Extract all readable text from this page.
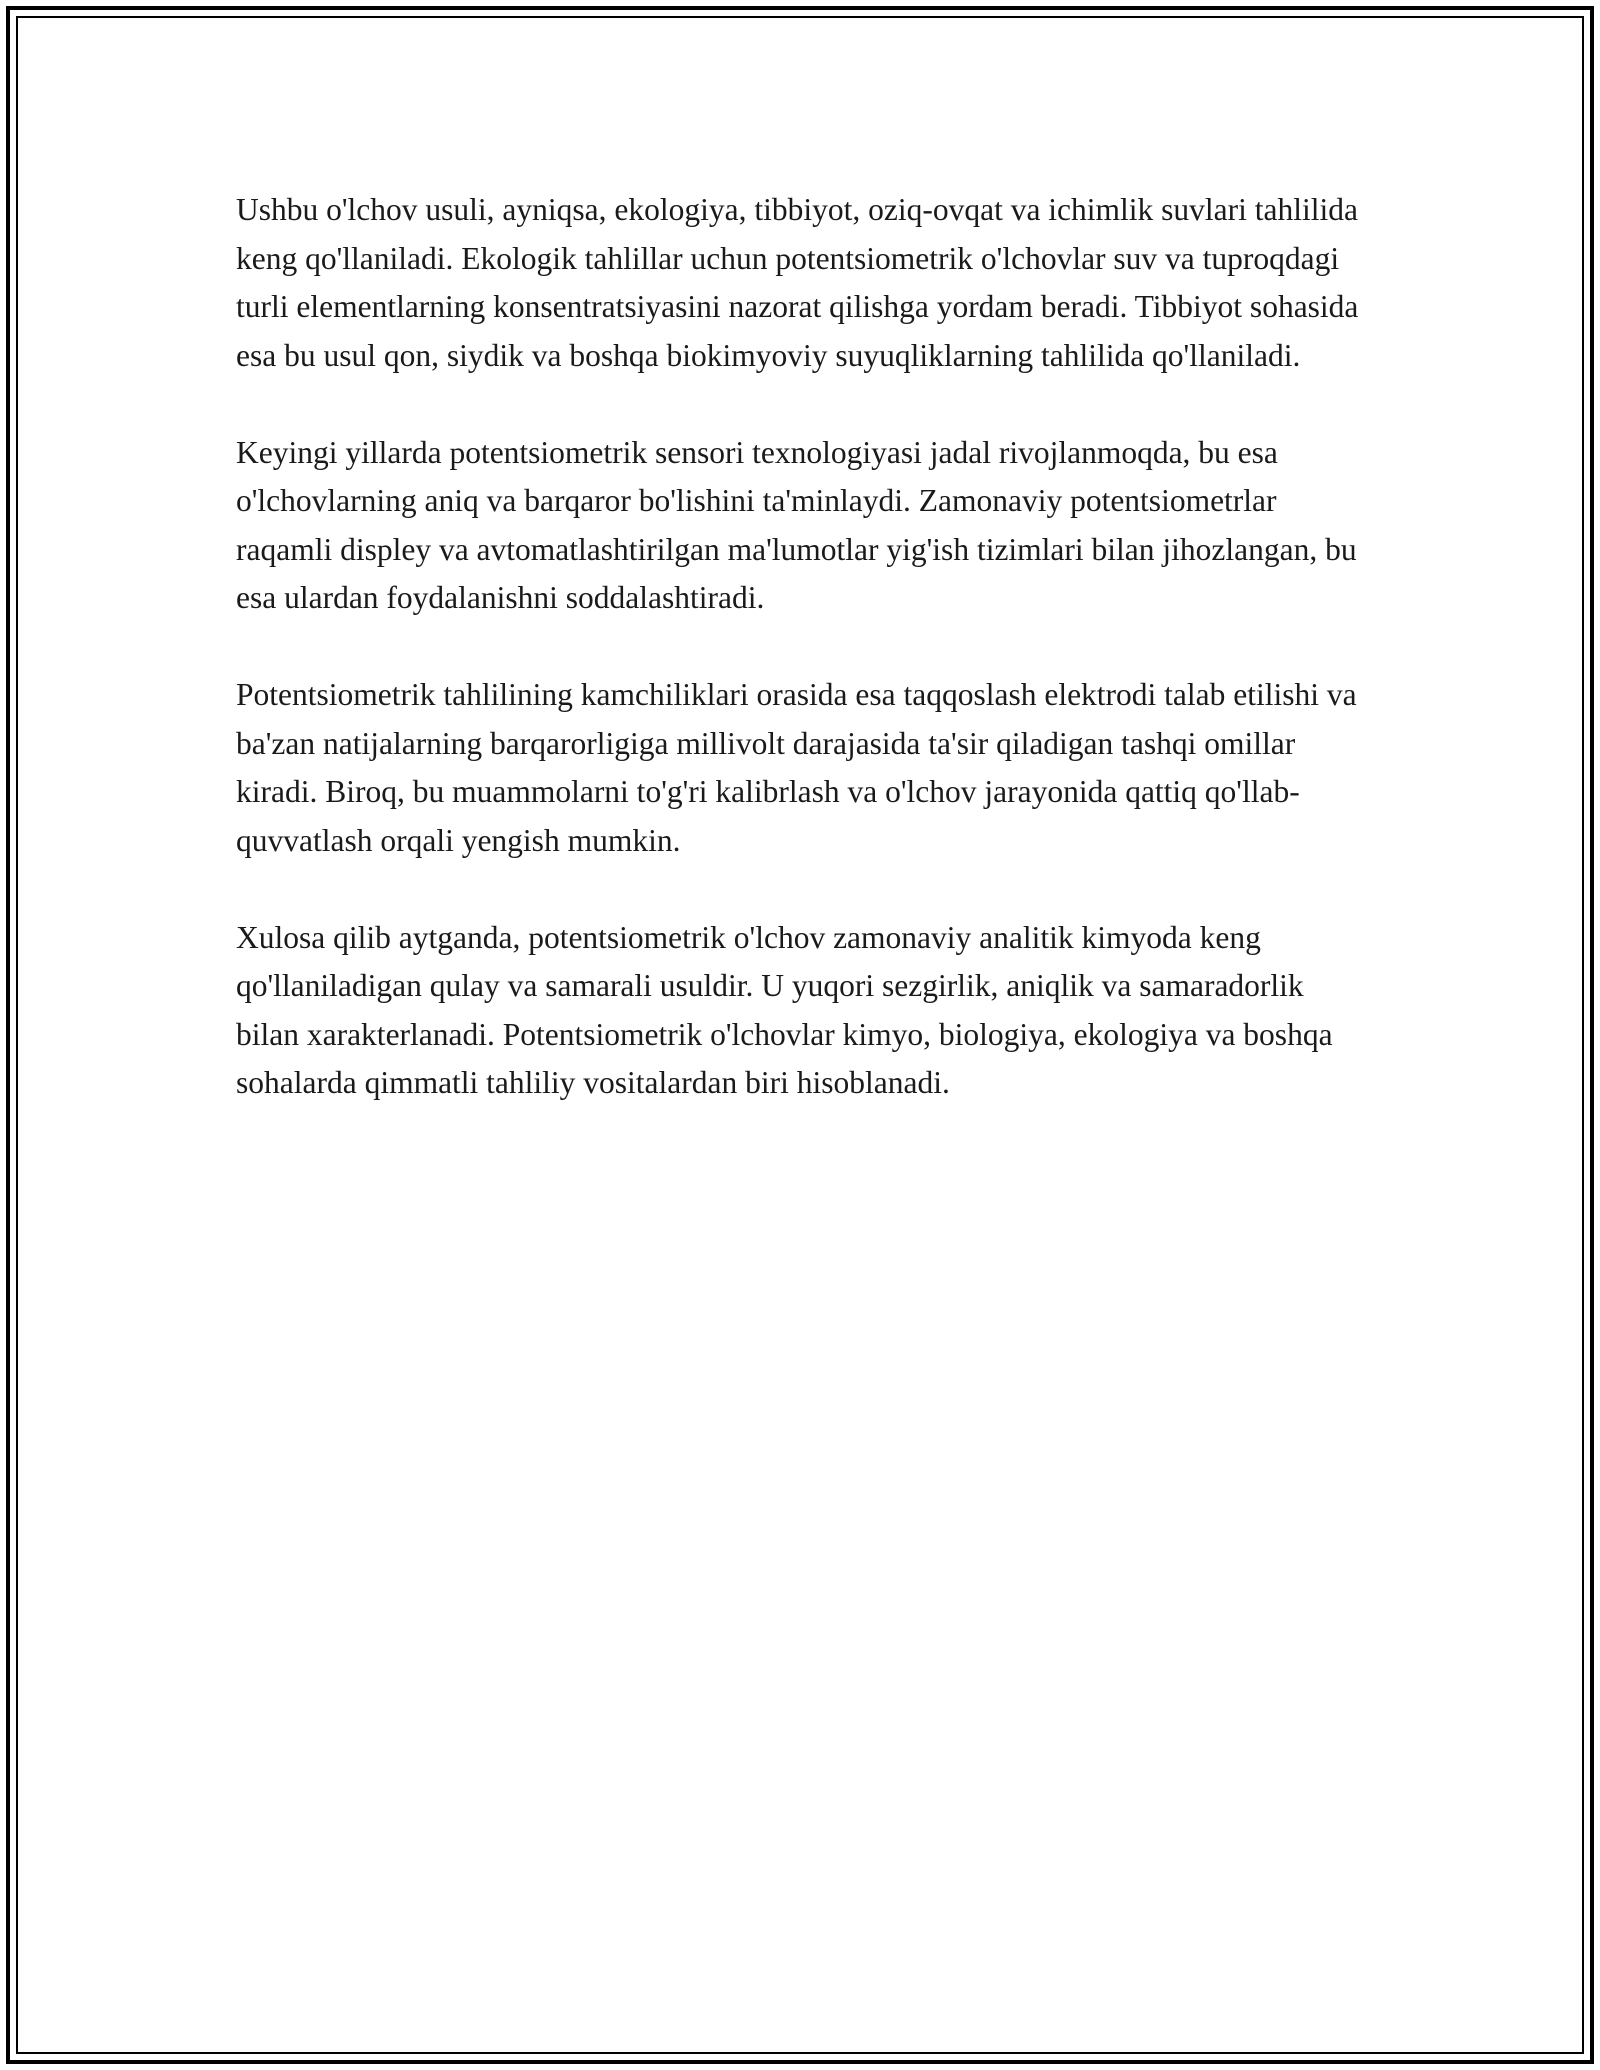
Ushbu o'lchov usuli, ayniqsa, ekologiya, tibbiyot, oziq-ovqat va ichimlik suvlari tahlilida keng qo'llaniladi. Ekologik tahlillar uchun potentsiometrik o'lchovlar suv va tuproqdagi turli elementlarning konsentratsiyasini nazorat qilishga yordam beradi. Tibbiyot sohasida esa bu usul qon, siydik va boshqa biokimyoviy suyuqliklarning tahlilida qo'llaniladi.

Keyingi yillarda potentsiometrik sensori texnologiyasi jadal rivojlanmoqda, bu esa o'lchovlarning aniq va barqaror bo'lishini ta'minlaydi. Zamonaviy potentsiometrlar raqamli displey va avtomatlashtirilgan ma'lumotlar yig'ish tizimlari bilan jihozlangan, bu esa ulardan foydalanishni soddalashtiradi.

Potentsiometrik tahlilining kamchiliklari orasida esa taqqoslash elektrodi talab etilishi va ba'zan natijalarning barqarorligiga millivolt darajasida ta'sir qiladigan tashqi omillar kiradi. Biroq, bu muammolarni to'g'ri kalibrlash va o'lchov jarayonida qattiq qo'llab-quvvatlash orqali yengish mumkin.

Xulosa qilib aytganda, potentsiometrik o'lchov zamonaviy analitik kimyoda keng qo'llaniladigan qulay va samarali usuldir. U yuqori sezgirlik, aniqlik va samaradorlik bilan xarakterlanadi. Potentsiometrik o'lchovlar kimyo, biologiya, ekologiya va boshqa sohalarda qimmatli tahliliy vositalardan biri hisoblanadi.
